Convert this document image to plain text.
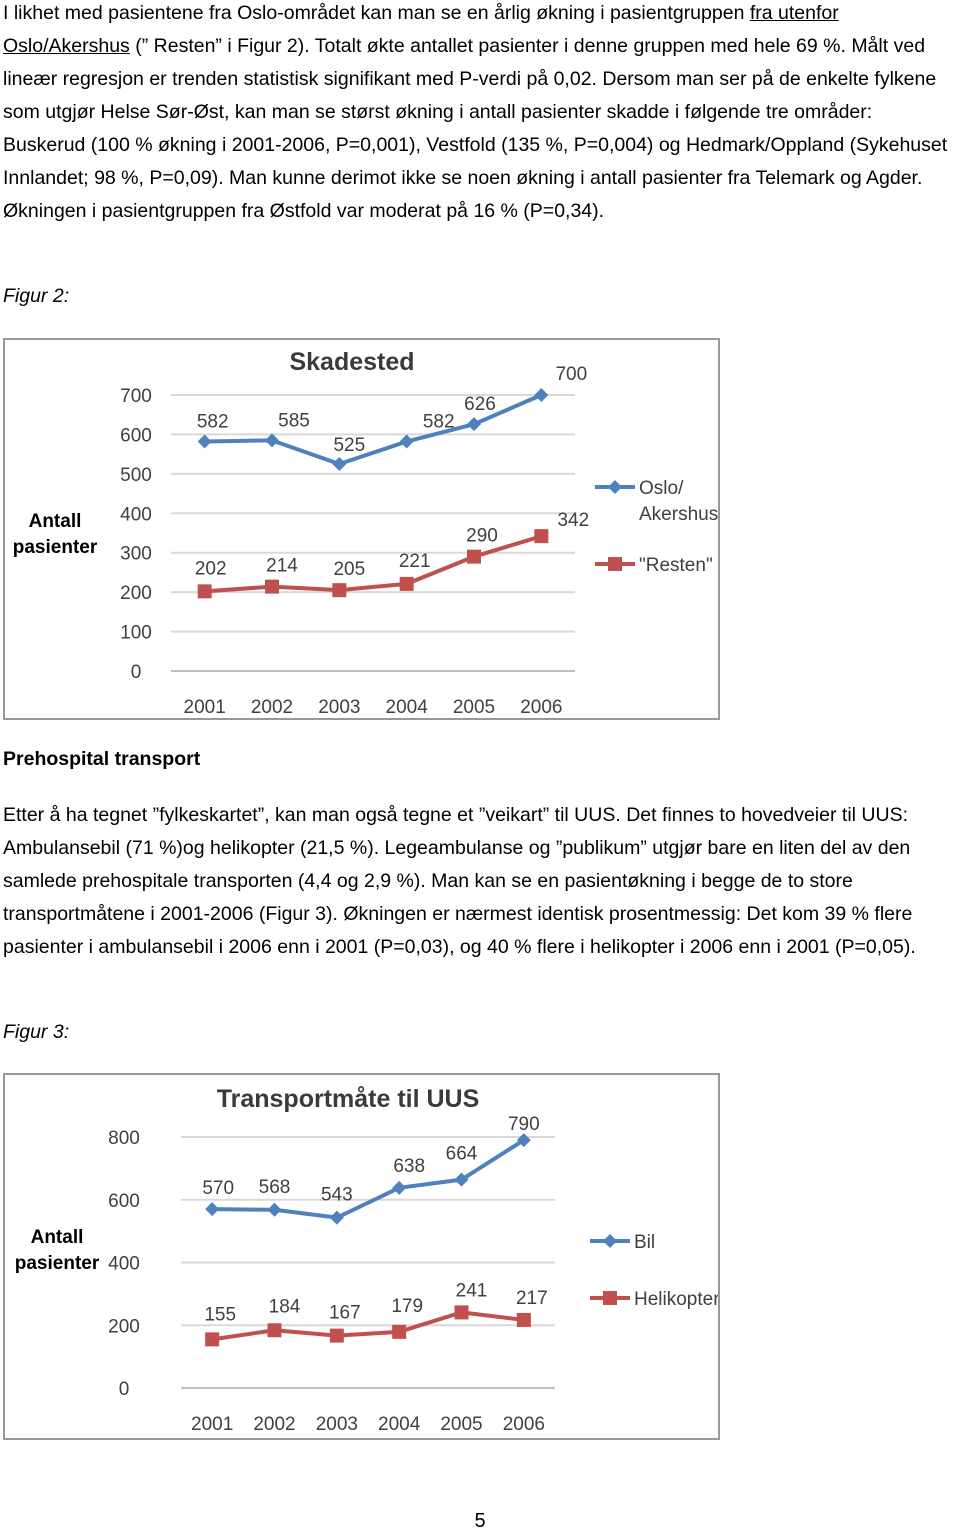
I likhet med pasientene fra Oslo-området kan man se en årlig økning i pasientgruppen fra utenfor Oslo/Akershus (” Resten” i Figur 2). Totalt økte antallet pasienter i denne gruppen med hele 69 %. Målt ved lineær regresjon er trenden statistisk signifikant med P-verdi på 0,02. Dersom man ser på de enkelte fylkene som utgjør Helse Sør-Øst, kan man se størst økning i antall pasienter skadde i følgende tre områder: Buskerud (100 % økning i 2001-2006, P=0,001), Vestfold (135 %, P=0,004) og Hedmark/Oppland (Sykehuset Innlandet; 98 %, P=0,09). Man kunne derimot ikke se noen økning i antall pasienter fra Telemark og Agder. Økningen i pasientgruppen fra Østfold var moderat på 16 % (P=0,34).

Figur 2:

Skadested
0
100
200
300
400
500
600
700
2001 2002 2003 2004 2005 2006
Antall
pasienter
582	585
525
582
626
700
Oslo/
Akershus
202 214 205 221
290
342
"Resten"

Prehospital transport

Etter å ha tegnet ”fylkeskartet”, kan man også tegne et ”veikart” til UUS. Det finnes to hovedveier til UUS: Ambulansebil (71 %)og helikopter (21,5 %). Legeambulanse og ”publikum” utgjør bare en liten del av den samlede prehospitale transporten (4,4 og 2,9 %). Man kan se en pasientøkning i begge de to store transportmåtene i 2001-2006 (Figur 3). Økningen er nærmest identisk prosentmessig: Det kom 39 % flere pasienter i ambulansebil i 2006 enn i 2001 (P=0,03), og 40 % flere i helikopter i 2006 enn i 2001 (P=0,05).

Figur 3:

Transportmåte til UUS
0
200
400
600
800
2001 2002 2003 2004 2005 2006
Antall
pasienter
570 568 543
638
664
790
Bil
155 184 167 179
241 217	Helikopter
5
